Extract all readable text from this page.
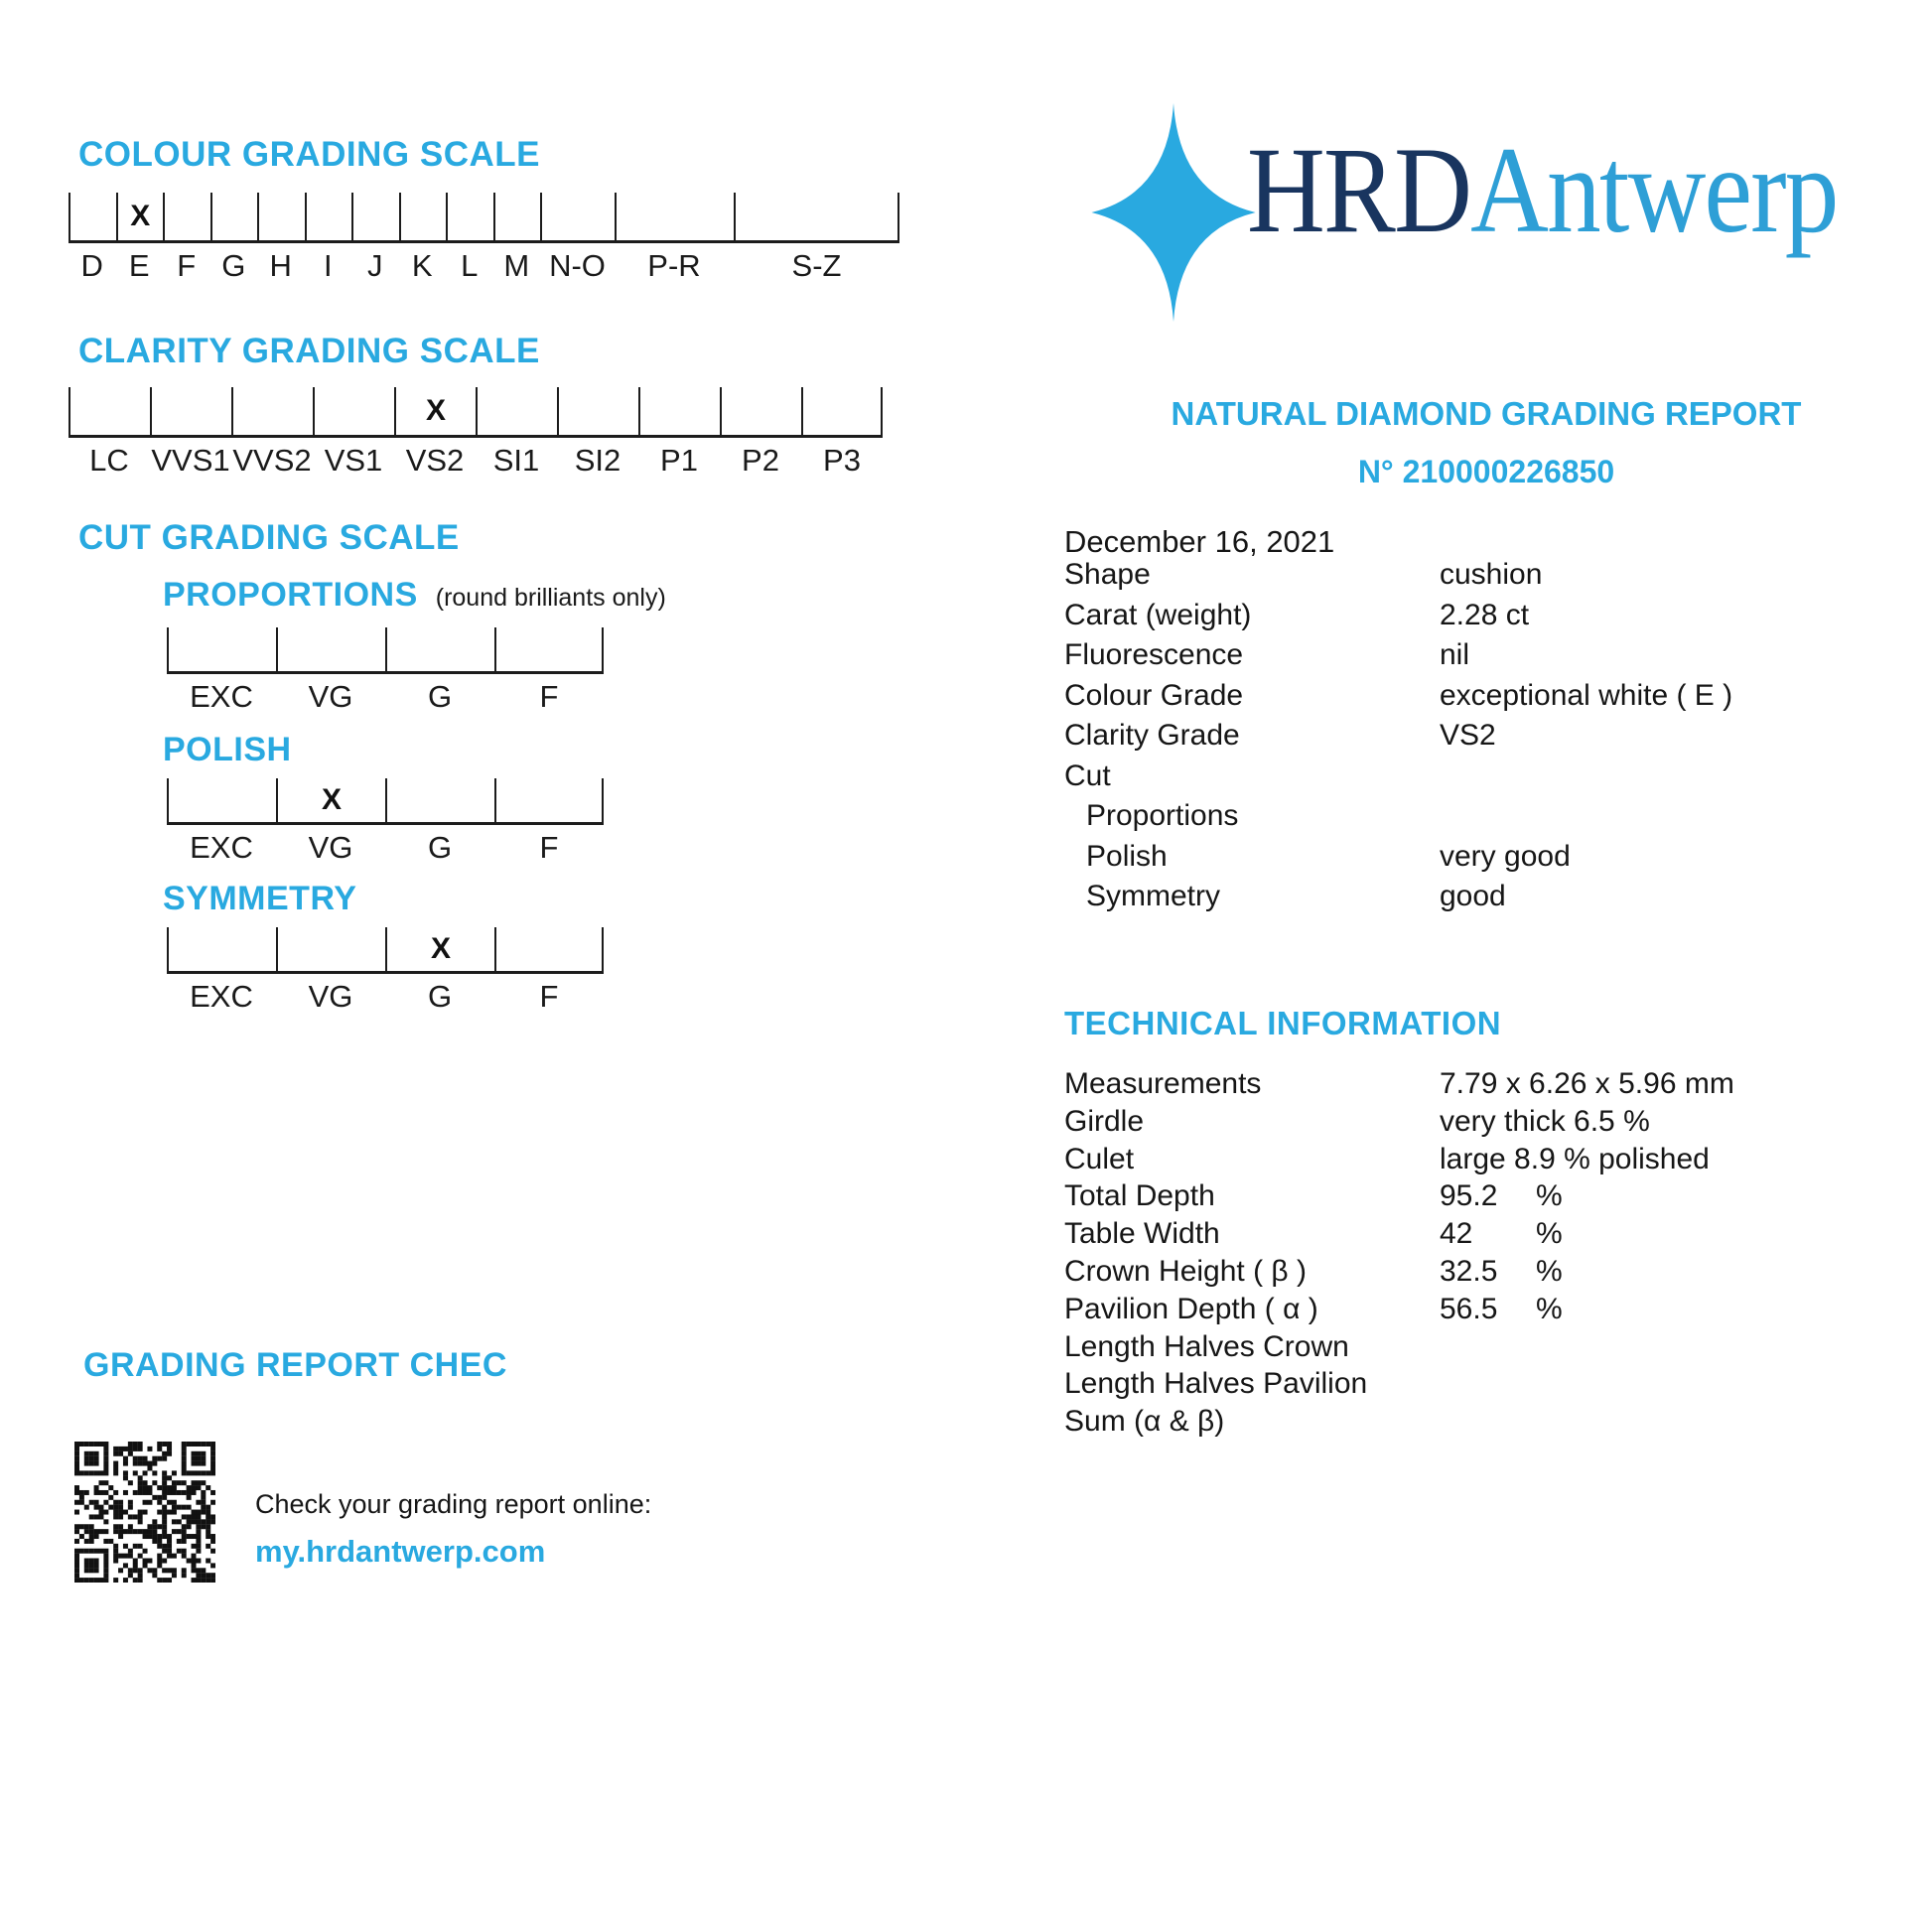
COLOUR GRADING SCALE
X
D E F G H	I	J K L M N-O	P-R	S-Z
CLARITY GRADING SCALE
X
LC VVS1 VVS2 VS1 VS2 SI1	SI2	P1	P2	P3
CUT GRADING SCALE
PROPORTIONS (round brilliants only)
EXC	VG	G	F
POLISH
X
EXC	VG	G	F
SYMMETRY
X
EXC	VG	G	F
GRADING REPORT CHEC
Check your grading report online:
my.hrdantwerp.com
HRD Antwerp
NATURAL DIAMOND GRADING REPORT
N° 210000226850
December 16, 2021
Shape	cushion
Carat (weight)	2.28 ct
Fluorescence	nil
Colour Grade	exceptional white ( E )
Clarity Grade	VS2
Cut
Proportions
Polish	very good
Symmetry	good
TECHNICAL INFORMATION
Measurements	7.79 x 6.26 x 5.96 mm
Girdle	very thick 6.5 %
Culet	large 8.9 % polished
Total Depth	95.2 %
Table Width	42 %
Crown Height ( β )	32.5 %
Pavilion Depth ( α )	56.5 %
Length Halves Crown
Length Halves Pavilion
Sum (α & β)
